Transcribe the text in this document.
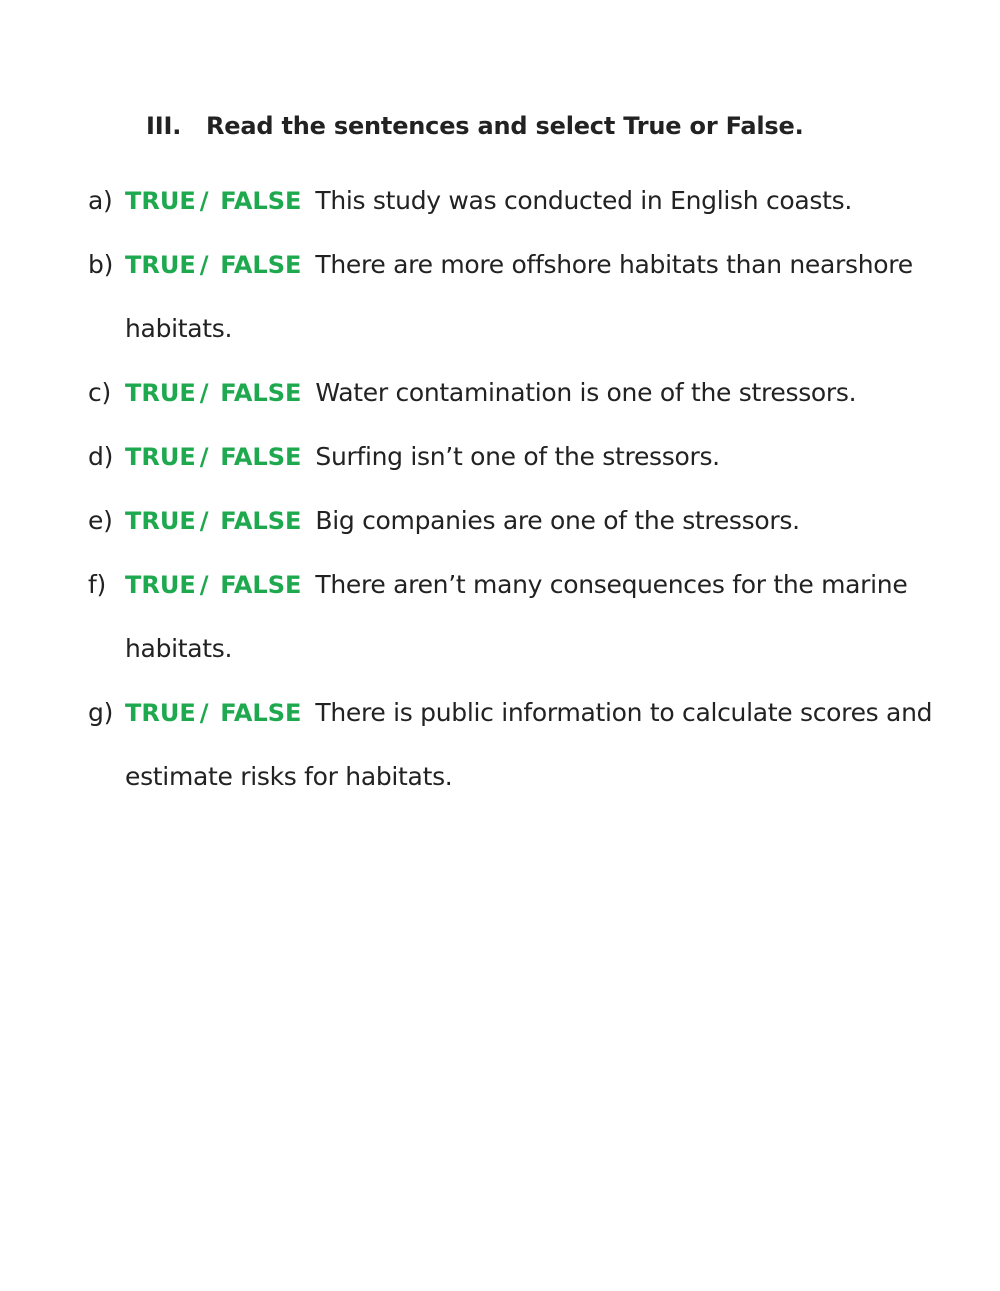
III. Read the sentences and select True or False.
a) TRUE / FALSE This study was conducted in English coasts.
b) TRUE / FALSE There are more offshore habitats than nearshore
habitats.
c) TRUE / FALSE Water contamination is one of the stressors.
d) TRUE / FALSE Surfing isn’t one of the stressors.
e) TRUE / FALSE Big companies are one of the stressors.
f) TRUE / FALSE There aren’t many consequences for the marine
habitats.
g) TRUE / FALSE There is public information to calculate scores and
estimate risks for habitats.
